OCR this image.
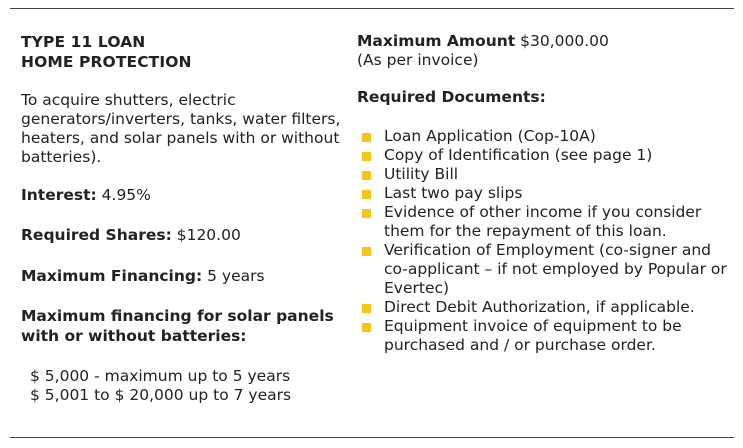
TYPE 11 LOAN
HOME PROTECTION

To acquire shutters, electric generators/inverters, tanks, water filters, heaters, and solar panels with or without batteries).

Interest: 4.95%

Required Shares: $120.00

Maximum Financing: 5 years

Maximum financing for solar panels
with or without batteries:
$ 5,000 - maximum up to 5 years
$ 5,001 to $ 20,000 up to 7 years

Maximum Amount $30,000.00

(As per invoice)

Required Documents:

Loan Application (Cop-10A)
Copy of Identification (see page 1)
Utility Bill
Last two pay slips
Evidence of other income if you consider them for the repayment of this loan.
Verification of Employment (co-signer and co-applicant – if not employed by Popular or Evertec)
Direct Debit Authorization, if applicable.
Equipment invoice of equipment to be purchased and / or purchase order.
